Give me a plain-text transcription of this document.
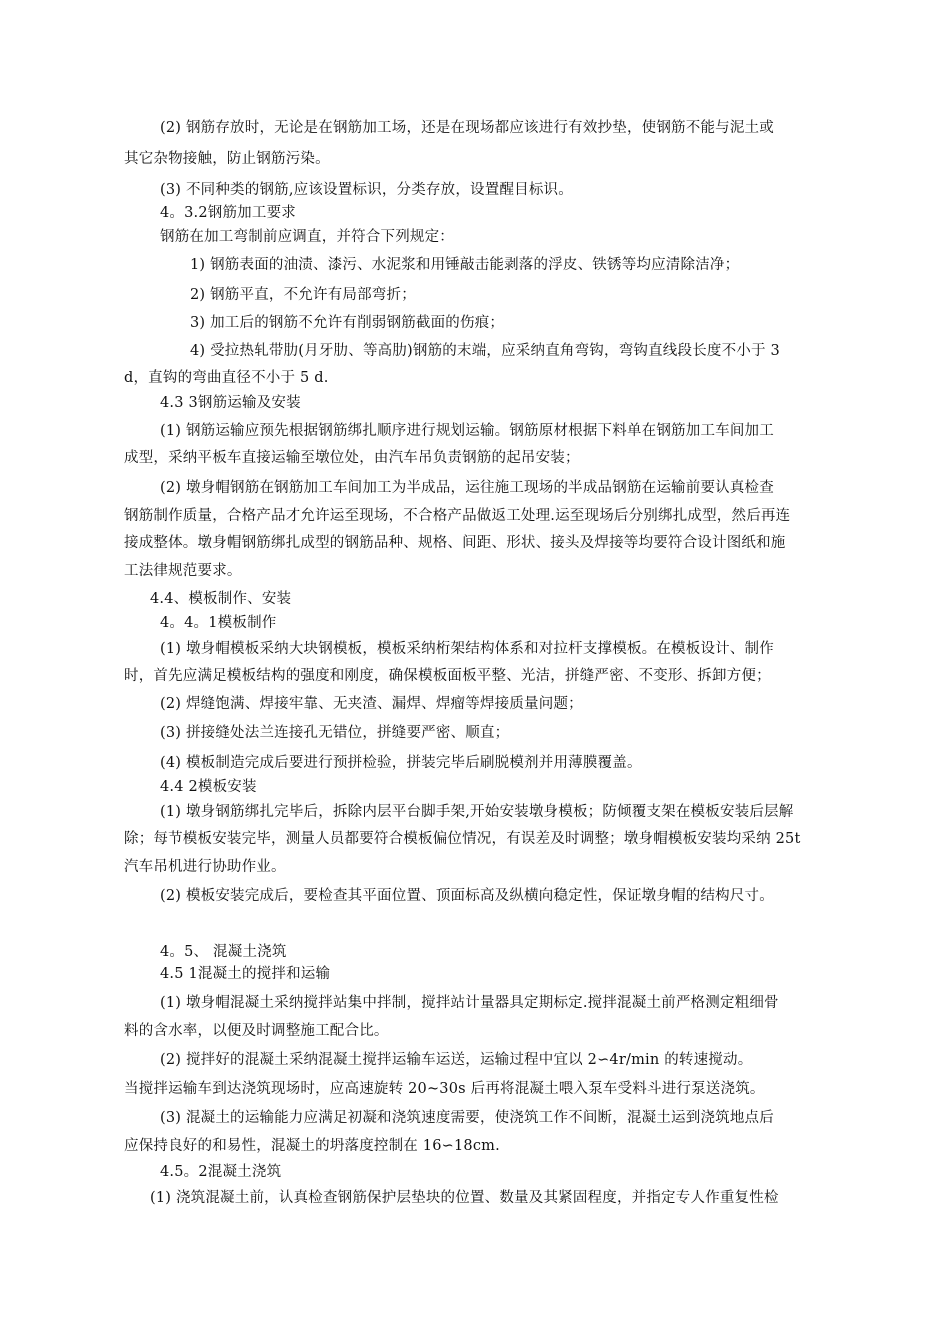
(2) 钢筋存放时，无论是在钢筋加工场，还是在现场都应该进行有效抄垫，使钢筋不能与泥土或
其它杂物接触，防止钢筋污染。
(3) 不同种类的钢筋,应该设置标识，分类存放，设置醒目标识。
4。3.2钢筋加工要求
钢筋在加工弯制前应调直，并符合下列规定：
1) 钢筋表面的油渍、漆污、水泥浆和用锤敲击能剥落的浮皮、铁锈等均应清除洁净；
2) 钢筋平直，不允许有局部弯折；
3) 加工后的钢筋不允许有削弱钢筋截面的伤痕；
4) 受拉热轧带肋(月牙肋、等高肋)钢筋的末端，应采纳直角弯钩，弯钩直线段长度不小于 3
d，直钩的弯曲直径不小于 5 d.
4.3 3钢筋运输及安装
(1) 钢筋运输应预先根据钢筋绑扎顺序进行规划运输。钢筋原材根据下料单在钢筋加工车间加工
成型，采纳平板车直接运输至墩位处，由汽车吊负责钢筋的起吊安装；
(2) 墩身帽钢筋在钢筋加工车间加工为半成品，运往施工现场的半成品钢筋在运输前要认真检查
钢筋制作质量，合格产品才允许运至现场，不合格产品做返工处理.运至现场后分别绑扎成型，然后再连
接成整体。墩身帽钢筋绑扎成型的钢筋品种、规格、间距、形状、接头及焊接等均要符合设计图纸和施
工法律规范要求。
4.4、模板制作、安装
4。4。1模板制作
(1) 墩身帽模板采纳大块钢模板，模板采纳桁架结构体系和对拉杆支撑模板。在模板设计、制作
时，首先应满足模板结构的强度和刚度，确保模板面板平整、光洁，拼缝严密、不变形、拆卸方便；
(2) 焊缝饱满、焊接牢靠、无夹渣、漏焊、焊瘤等焊接质量问题；
(3) 拼接缝处法兰连接孔无错位，拼缝要严密、顺直；
(4) 模板制造完成后要进行预拼检验，拼装完毕后刷脱模剂并用薄膜覆盖。
4.4 2模板安装
(1) 墩身钢筋绑扎完毕后，拆除内层平台脚手架,开始安装墩身模板；防倾覆支架在模板安装后层解
除；每节模板安装完毕，测量人员都要符合模板偏位情况，有误差及时调整；墩身帽模板安装均采纳 25t
汽车吊机进行协助作业。
(2) 模板安装完成后，要检查其平面位置、顶面标高及纵横向稳定性，保证墩身帽的结构尺寸。
4。5、 混凝土浇筑
4.5 1混凝土的搅拌和运输
(1) 墩身帽混凝土采纳搅拌站集中拌制，搅拌站计量器具定期标定.搅拌混凝土前严格测定粗细骨
料的含水率，以便及时调整施工配合比。
(2) 搅拌好的混凝土采纳混凝土搅拌运输车运送，运输过程中宜以 2∽4r/min 的转速搅动。
当搅拌运输车到达浇筑现场时，应高速旋转 20~30s 后再将混凝土喂入泵车受料斗进行泵送浇筑。
(3) 混凝土的运输能力应满足初凝和浇筑速度需要，使浇筑工作不间断，混凝土运到浇筑地点后
应保持良好的和易性，混凝土的坍落度控制在 16∽18cm.
4.5。2混凝土浇筑
(1) 浇筑混凝土前，认真检查钢筋保护层垫块的位置、数量及其紧固程度，并指定专人作重复性检
